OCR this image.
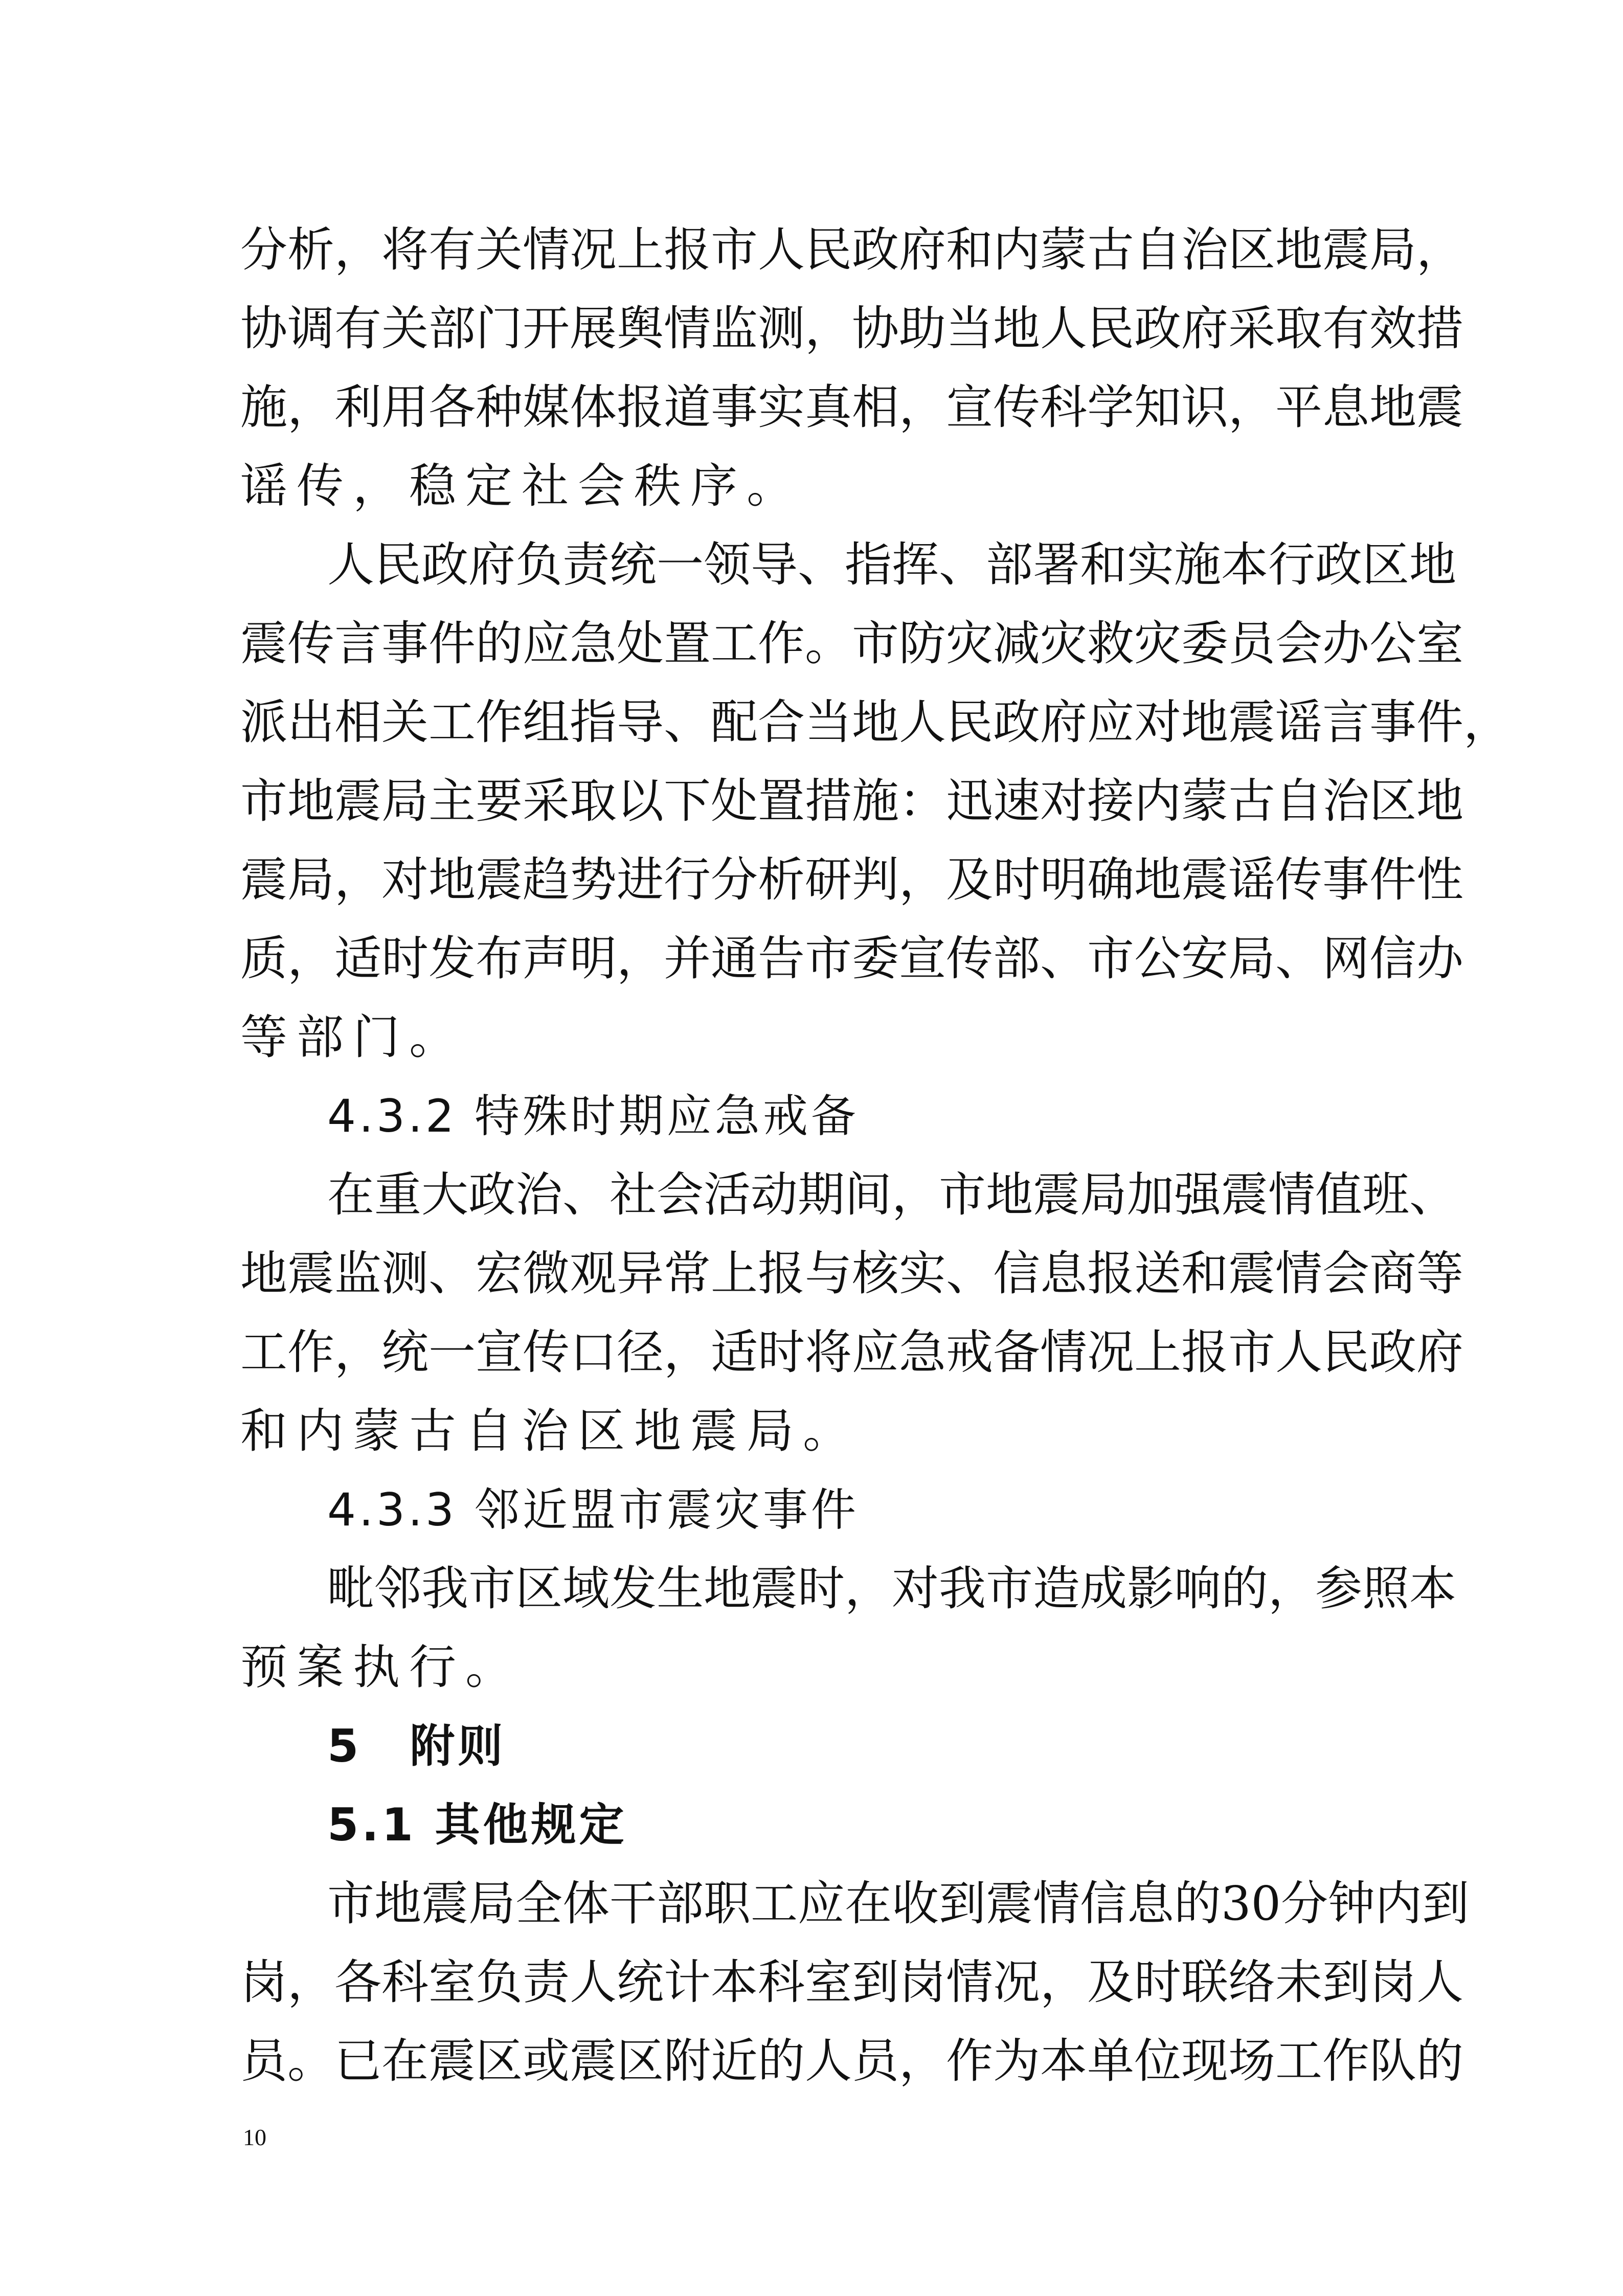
分析，将有关情况上报市人民政府和内蒙古自治区地震局，
协调有关部门开展舆情监测，协助当地人民政府采取有效措
施，利用各种媒体报道事实真相，宣传科学知识，平息地震
谣传，稳定社会秩序。
人民政府负责统一领导、指挥、部署和实施本行政区地
震传言事件的应急处置工作。市防灾减灾救灾委员会办公室
派出相关工作组指导、配合当地人民政府应对地震谣言事件，
市地震局主要采取以下处置措施：迅速对接内蒙古自治区地
震局，对地震趋势进行分析研判，及时明确地震谣传事件性
质，适时发布声明，并通告市委宣传部、市公安局、网信办
等部门。
4.3.2 特殊时期应急戒备
在重大政治、社会活动期间，市地震局加强震情值班、
地震监测、宏微观异常上报与核实、信息报送和震情会商等
工作，统一宣传口径，适时将应急戒备情况上报市人民政府
和内蒙古自治区地震局。
4.3.3 邻近盟市震灾事件
毗邻我市区域发生地震时，对我市造成影响的，参照本
预案执行。
5　附则
5.1 其他规定
市地震局全体干部职工应在收到震情信息的30分钟内到
岗，各科室负责人统计本科室到岗情况，及时联络未到岗人
员。已在震区或震区附近的人员，作为本单位现场工作队的
10
